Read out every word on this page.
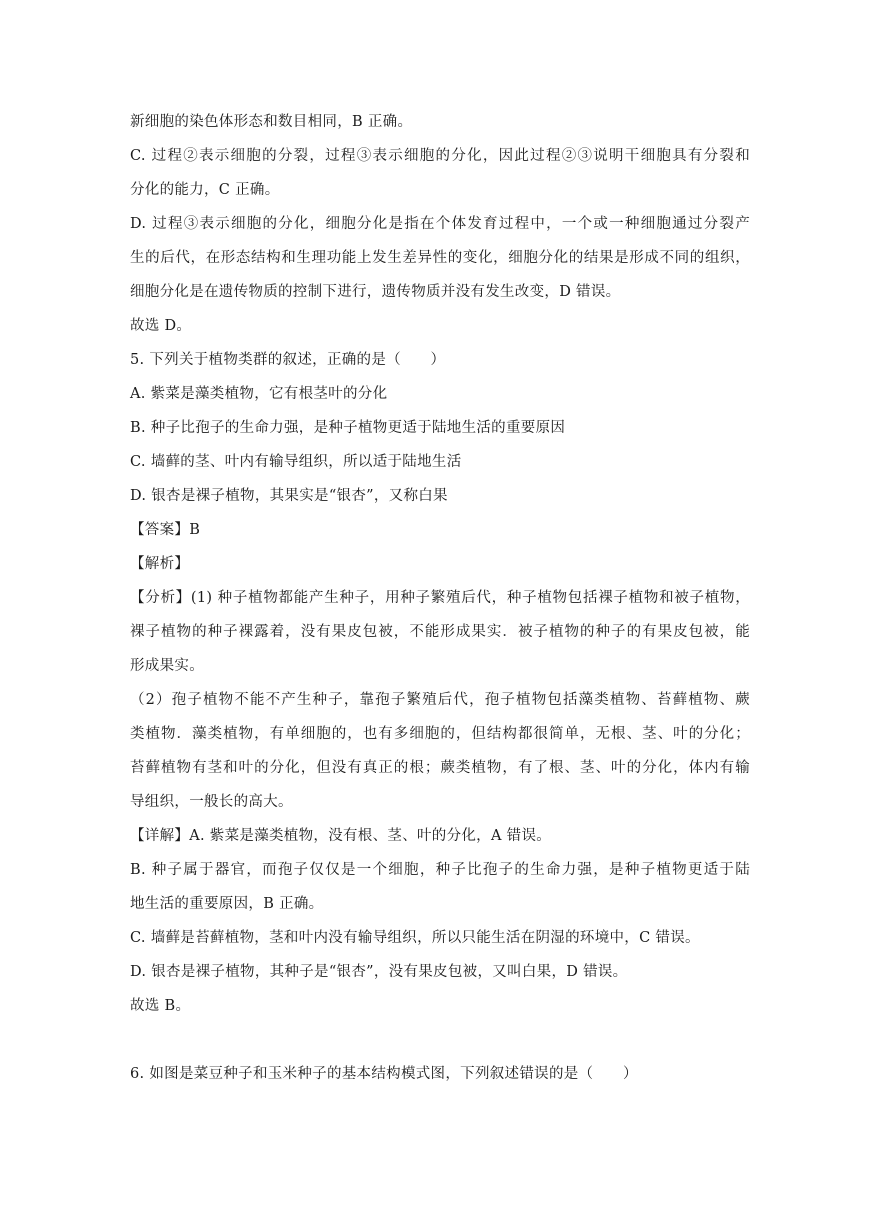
新细胞的染色体形态和数目相同，B 正确。
C. 过程②表示细胞的分裂，过程③表示细胞的分化，因此过程②③说明干细胞具有分裂和
分化的能力，C 正确。
D. 过程③表示细胞的分化，细胞分化是指在个体发育过程中，一个或一种细胞通过分裂产
生的后代，在形态结构和生理功能上发生差异性的变化，细胞分化的结果是形成不同的组织，
细胞分化是在遗传物质的控制下进行，遗传物质并没有发生改变，D 错误。
故选 D。
5. 下列关于植物类群的叙述，正确的是（　　）
A. 紫菜是藻类植物，它有根茎叶的分化
B. 种子比孢子的生命力强，是种子植物更适于陆地生活的重要原因
C. 墙藓的茎、叶内有输导组织，所以适于陆地生活
D. 银杏是裸子植物，其果实是“银杏”，又称白果
【答案】B
【解析】
【分析】(1) 种子植物都能产生种子，用种子繁殖后代，种子植物包括裸子植物和被子植物，
裸子植物的种子裸露着，没有果皮包被，不能形成果实．被子植物的种子的有果皮包被，能
形成果实。
（2）孢子植物不能不产生种子，靠孢子繁殖后代，孢子植物包括藻类植物、苔藓植物、蕨
类植物．藻类植物，有单细胞的，也有多细胞的，但结构都很简单，无根、茎、叶的分化；
苔藓植物有茎和叶的分化，但没有真正的根；蕨类植物，有了根、茎、叶的分化，体内有输
导组织，一般长的高大。
【详解】A. 紫菜是藻类植物，没有根、茎、叶的分化，A 错误。
B. 种子属于器官，而孢子仅仅是一个细胞，种子比孢子的生命力强，是种子植物更适于陆
地生活的重要原因，B 正确。
C. 墙藓是苔藓植物，茎和叶内没有输导组织，所以只能生活在阴湿的环境中，C 错误。
D. 银杏是裸子植物，其种子是“银杏”，没有果皮包被，又叫白果，D 错误。
故选 B。
6. 如图是菜豆种子和玉米种子的基本结构模式图，下列叙述错误的是（　　）
